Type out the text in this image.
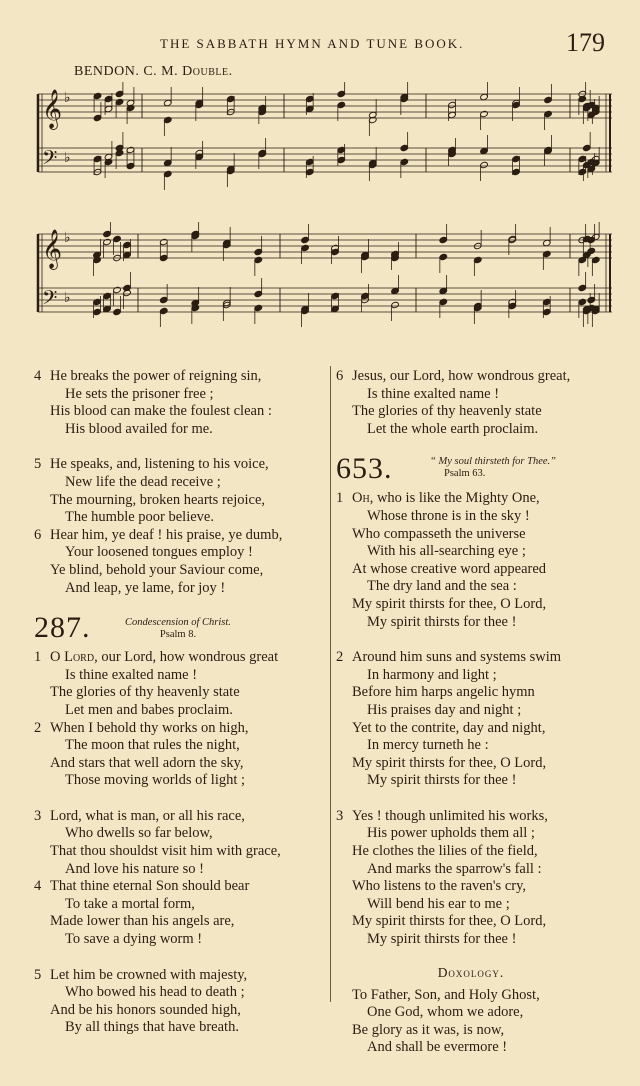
THE SABBATH HYMN AND TUNE BOOK.	179
BENDON. C. M. Double.
𝄞 ♭
𝄢 ♭
𝄞 ♭
𝄢 ♭
4 He breaks the power of reigning sin,
He sets the prisoner free ;
His blood can make the foulest clean :
His blood availed for me.
5 He speaks, and, listening to his voice,
New life the dead receive ;
The mourning, broken hearts rejoice,
The humble poor believe.
6 Hear him, ye deaf ! his praise, ye dumb,
Your loosened tongues employ !
Ye blind, behold your Saviour come,
And leap, ye lame, for joy !
287.	Condescension of Christ.
Psalm 8.
1 O Lord, our Lord, how wondrous great
Is thine exalted name !
The glories of thy heavenly state
Let men and babes proclaim.
2 When I behold thy works on high,
The moon that rules the night,
And stars that well adorn the sky,
Those moving worlds of light ;
3 Lord, what is man, or all his race,
Who dwells so far below,
That thou shouldst visit him with grace,
And love his nature so !
4 That thine eternal Son should bear
To take a mortal form,
Made lower than his angels are,
To save a dying worm !
5 Let him be crowned with majesty,
Who bowed his head to death ;
And be his honors sounded high,
By all things that have breath.
6 Jesus, our Lord, how wondrous great,
Is thine exalted name !
The glories of thy heavenly state
Let the whole earth proclaim.
653.	“ My soul thirsteth for Thee.”
Psalm 63.
1 Oh, who is like the Mighty One,
Whose throne is in the sky !
Who compasseth the universe
With his all-searching eye ;
At whose creative word appeared
The dry land and the sea :
My spirit thirsts for thee, O Lord,
My spirit thirsts for thee !
2 Around him suns and systems swim
In harmony and light ;
Before him harps angelic hymn
His praises day and night ;
Yet to the contrite, day and night,
In mercy turneth he :
My spirit thirsts for thee, O Lord,
My spirit thirsts for thee !
3 Yes ! though unlimited his works,
His power upholds them all ;
He clothes the lilies of the field,
And marks the sparrow's fall :
Who listens to the raven's cry,
Will bend his ear to me ;
My spirit thirsts for thee, O Lord,
My spirit thirsts for thee !
Doxology.
To Father, Son, and Holy Ghost,
One God, whom we adore,
Be glory as it was, is now,
And shall be evermore !
